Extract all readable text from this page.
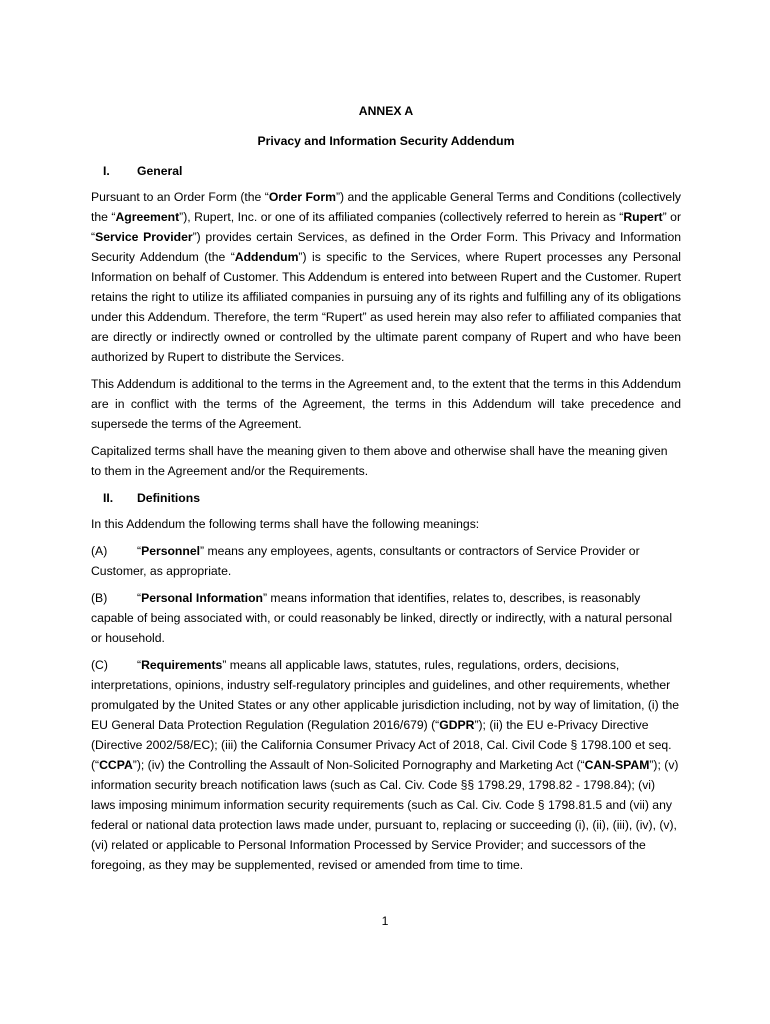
ANNEX A
Privacy and Information Security Addendum
I.	General

Pursuant to an Order Form (the “Order Form”) and the applicable General Terms and Conditions (collectively the “Agreement”), Rupert, Inc. or one of its affiliated companies (collectively referred to herein as “Rupert” or “Service Provider”) provides certain Services, as defined in the Order Form. This Privacy and Information Security Addendum (the “Addendum”) is specific to the Services, where Rupert processes any Personal Information on behalf of Customer. This Addendum is entered into between Rupert and the Customer. Rupert retains the right to utilize its affiliated companies in pursuing any of its rights and fulfilling any of its obligations under this Addendum. Therefore, the term “Rupert” as used herein may also refer to affiliated companies that are directly or indirectly owned or controlled by the ultimate parent company of Rupert and who have been authorized by Rupert to distribute the Services.

This Addendum is additional to the terms in the Agreement and, to the extent that the terms in this Addendum are in conflict with the terms of the Agreement, the terms in this Addendum will take precedence and supersede the terms of the Agreement.

Capitalized terms shall have the meaning given to them above and otherwise shall have the meaning given to them in the Agreement and/or the Requirements.

II.	Definitions

In this Addendum the following terms shall have the following meanings:

(A) “Personnel” means any employees, agents, consultants or contractors of Service Provider or Customer, as appropriate.

(B) “Personal Information” means information that identifies, relates to, describes, is reasonably capable of being associated with, or could reasonably be linked, directly or indirectly, with a natural personal or household.

(C) “Requirements” means all applicable laws, statutes, rules, regulations, orders, decisions, interpretations, opinions, industry self-regulatory principles and guidelines, and other requirements, whether promulgated by the United States or any other applicable jurisdiction including, not by way of limitation, (i) the EU General Data Protection Regulation (Regulation 2016/679) (“GDPR”); (ii) the EU e-Privacy Directive (Directive 2002/58/EC); (iii) the California Consumer Privacy Act of 2018, Cal. Civil Code § 1798.100 et seq. (“CCPA”); (iv) the Controlling the Assault of Non-Solicited Pornography and Marketing Act (“CAN-SPAM”); (v) information security breach notification laws (such as Cal. Civ. Code §§ 1798.29, 1798.82 - 1798.84); (vi) laws imposing minimum information security requirements (such as Cal. Civ. Code § 1798.81.5 and (vii) any federal or national data protection laws made under, pursuant to, replacing or succeeding (i), (ii), (iii), (iv), (v), (vi) related or applicable to Personal Information Processed by Service Provider; and successors of the foregoing, as they may be supplemented, revised or amended from time to time.

1
